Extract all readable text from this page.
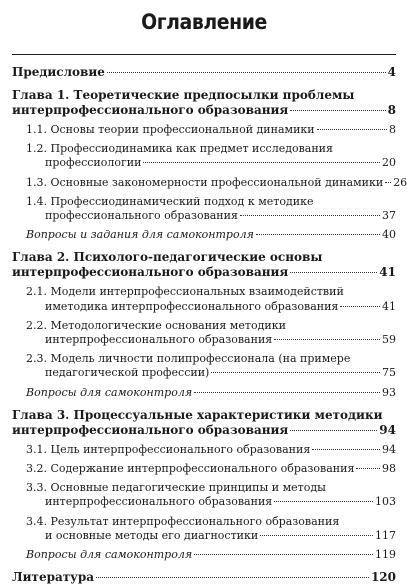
Оглавление
Предисловие	4
Глава 1. Теоретические предпосылки проблемы
интерпрофессионального образования	8
1.1. Основы теории профессиональной динамики	8
1.2. Профессиодинамика как предмет исследования
профессиологии	20
1.3. Основные закономерности профессиональной динамики 26
1.4. Профессиодинамический подход к методике
профессионального образования	37
Вопросы и задания для самоконтроля	40
Глава 2. Психолого-педагогические основы
интерпрофессионального образования	41
2.1. Модели интерпрофессиональных взаимодействий
иметодика интерпрофессионального образования	41
2.2. Методологические основания методики
интерпрофессионального образования	59
2.3. Модель личности полипрофессионала (на примере
педагогической профессии)	75
Вопросы для самоконтроля	93
Глава 3. Процессуальные характеристики методики
интерпрофессионального образования	94
3.1. Цель интерпрофессионального образования	94
3.2. Содержание интерпрофессионального образования	98
3.3. Основные педагогические принципы и методы
интерпрофессионального образования	103
3.4. Результат интерпрофессионального образования
и основные методы его диагностики	117
Вопросы для самоконтроля	119
Литература	120
